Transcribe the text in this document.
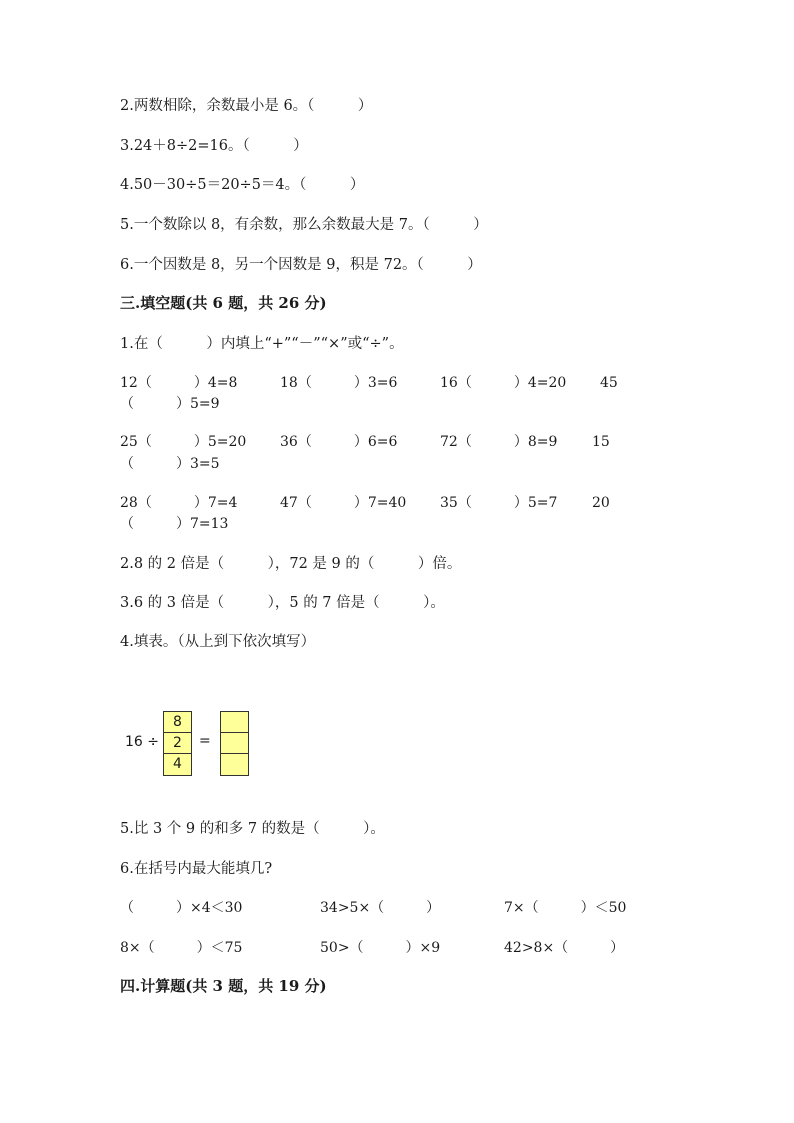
2.两数相除，余数最小是 6。（　　　）
3.24＋8÷2=16。（　　　）
4.50－30÷5＝20÷5＝4。（　　　）
5.一个数除以 8，有余数，那么余数最大是 7。（　　　）
6.一个因数是 8，另一个因数是 9，积是 72。（　　　）
三.填空题(共 6 题，共 26 分)
1.在（　　　）内填上“+”“－”“×”或“÷”。
12（　　　）4=8	18（　　　）3=6	16（　　　）4=20 45
（　　　）5=9
25（　　　）5=20 36（　　　）6=6	72（　　　）8=9 15
（　　　）3=5
28（　　　）7=4	47（　　　）7=40 35（　　　）5=7 20
（　　　）7=13
2.8 的 2 倍是（　　　），72 是 9 的（　　　）倍。
3.6 的 3 倍是（　　　），5 的 7 倍是（　　　）。
4.填表。（从上到下依次填写）
16 ÷
8
2
4
=
5.比 3 个 9 的和多 7 的数是（　　　）。
6.在括号内最大能填几?
（　　　）×4＜30	34>5×（　　　）	7×（　　　）＜50
8×（　　　）＜75	50>（　　　）×9	42>8×（　　　）
四.计算题(共 3 题，共 19 分)
